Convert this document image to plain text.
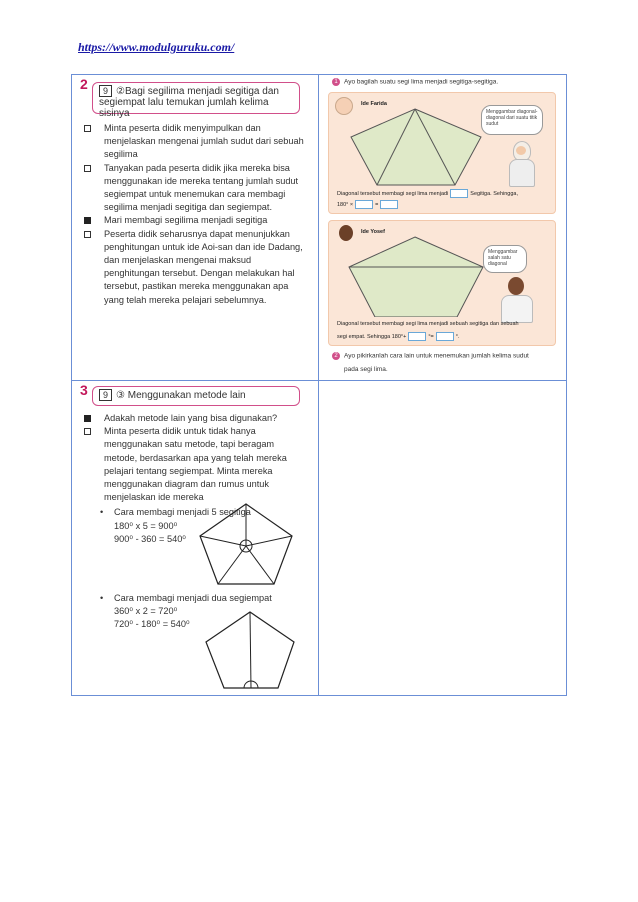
https://www.modulguruku.com/
2	9 ②Bagi segilima menjadi segitiga dan
segiempat lalu temukan jumlah kelima sisinya
Minta peserta didik menyimpulkan dan menjelaskan mengenai jumlah sudut dari sebuah segilima
Tanyakan pada peserta didik jika mereka bisa menggunakan ide mereka tentang jumlah sudut segiempat untuk menemukan cara membagi segilima menjadi segitiga dan segiempat.
Mari membagi segilima menjadi segitiga
Peserta didik seharusnya dapat menunjukkan penghitungan untuk ide Aoi-san dan ide Dadang, dan menjelaskan mengenai maksud penghitungan tersebut. Dengan melakukan hal tersebut, pastikan mereka menggunakan apa yang telah mereka pelajari sebelumnya.
1 Ayo bagilah suatu segi lima menjadi segitiga-segitiga.
Ide Farida
Menggambar diagonal-diagonal dari suatu titik sudut
Diagonal tersebut membagi segi lima menjadi	Segitiga. Sehingga,
180° ×	=
Ide Yosef
Menggambar salah satu diagonal
Diagonal tersebut membagi segi lima menjadi sebuah segitiga dan sebuah
segi empat. Sehingga 180°+	°=	°.
2 Ayo pikirkanlah cara lain untuk menemukan jumlah kelima sudut
pada segi lima.
3	9 ③ Menggunakan metode lain
Adakah metode lain yang bisa digunakan?
Minta peserta didik untuk tidak hanya menggunakan satu metode, tapi beragam metode, berdasarkan apa yang telah mereka pelajari tentang segiempat. Minta mereka menggunakan diagram dan rumus untuk menjelaskan ide mereka
• Cara membagi menjadi 5 segitiga
180⁰ x 5 = 900⁰
900⁰ - 360 = 540⁰
• Cara membagi menjadi dua segiempat
360⁰ x 2 = 720⁰
720⁰ - 180⁰ = 540⁰
